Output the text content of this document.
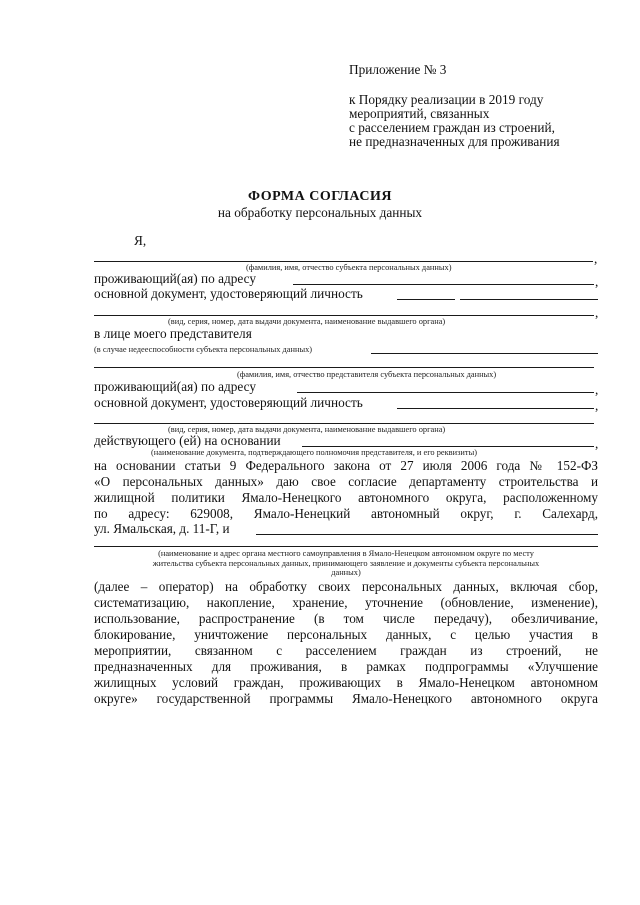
Приложение № 3
к Порядку реализации в 2019 году
мероприятий, связанных
с расселением граждан из строений,
не предназначенных для проживания
ФОРМА СОГЛАСИЯ
на обработку персональных данных
Я,
,
(фамилия, имя, отчество субъекта персональных данных)
проживающий(ая) по адресу	,
основной документ, удостоверяющий личность
,
(вид, серия, номер, дата выдачи документа, наименование выдавшего органа)
в лице моего представителя
(в случае недееспособности субъекта персональных данных)
(фамилия, имя, отчество представителя субъекта персональных данных)
проживающий(ая) по адресу	,
основной документ, удостоверяющий личность	,
(вид, серия, номер, дата выдачи документа, наименование выдавшего органа)
действующего (ей) на основании	,
(наименование документа, подтверждающего полномочия представителя, и его реквизиты)
на основании статьи 9 Федерального закона от 27 июля 2006 года № 152-ФЗ
«О персональных данных» даю свое согласие департаменту строительства и
жилищной политики Ямало-Ненецкого автономного округа, расположенному
по адресу: 629008, Ямало-Ненецкий автономный округ, г. Салехард,
ул. Ямальская, д. 11-Г, и
(наименование и адрес органа местного самоуправления в Ямало-Ненецком автономном округе по месту
жительства субъекта персональных данных, принимающего заявление и документы субъекта персональных
данных)
(далее – оператор) на обработку своих персональных данных, включая сбор,
систематизацию, накопление, хранение, уточнение (обновление, изменение),
использование, распространение (в том числе передачу), обезличивание,
блокирование, уничтожение персональных данных, с целью участия в
мероприятии, связанном с расселением граждан из строений, не
предназначенных для проживания, в рамках подпрограммы «Улучшение
жилищных условий граждан, проживающих в Ямало-Ненецком автономном
округе» государственной программы Ямало-Ненецкого автономного округа
